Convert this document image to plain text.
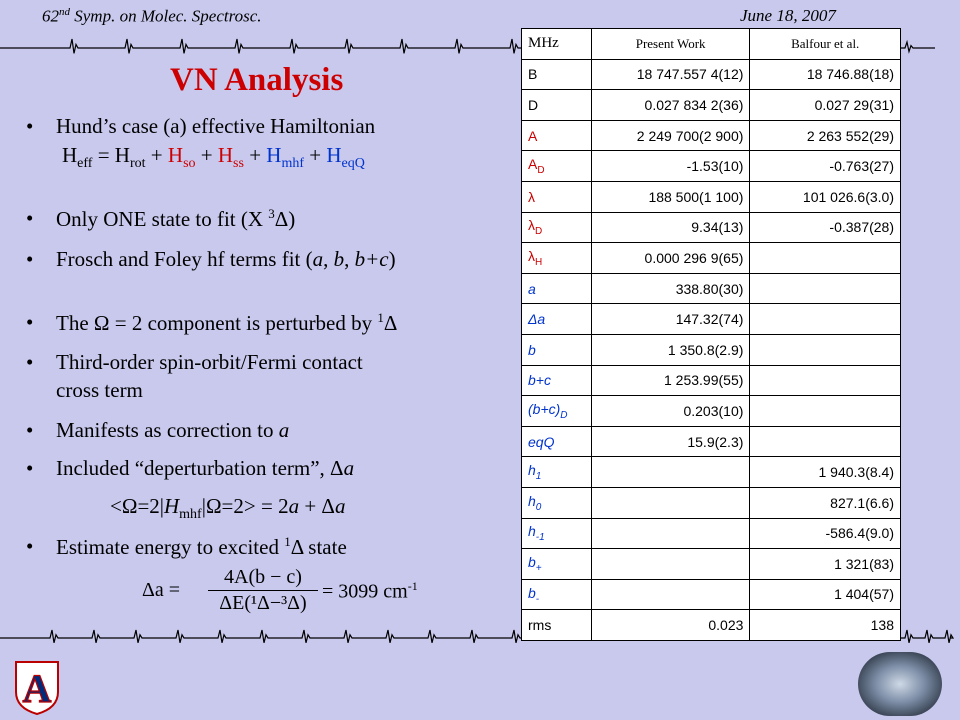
62nd Symp. on Molec. Spectrosc.	June 18, 2007
VN Analysis
• Hund’s case (a) effective Hamiltonian
$H_{eff} = H_{rot} + H_{so} + H_{ss} + H_{mhf} + H_{eqQ}$
• Only ONE state to fit (X $^3$Δ)
• Frosch and Foley hf terms fit (a, b, b+c)
• The Ω = 2 component is perturbed by $^1$Δ
• Third-order spin-orbit/Fermi contact
cross term
• Manifests as correction to a
• Included “deperturbation term”, Δa
$<\Omega=2|H_{mhf}|\Omega=2> = 2a + \Delta a$
• Estimate energy to excited $^1$Δ state
Δa =
4A(b − c)
ΔE(¹Δ−³Δ)
= 3099 $cm^{-1}$
MHz	Present Work	Balfour et al.
B	18 747.557 4(12)	18 746.88(18)
D	0.027 834 2(36)	0.027 29(31)
A	2 249 700(2 900)	2 263 552(29)
$A_D$	-1.53(10)	-0.763(27)
λ	188 500(1 100)	101 026.6(3.0)
$\lambda_D$	9.34(13)	-0.387(28)
$\lambda_H$	0.000 296 9(65)	
a	338.80(30)	
Δa	147.32(74)	
b	1 350.8(2.9)	
b+c	1 253.99(55)	
$(b+c)_D$	0.203(10)	
eqQ	15.9(2.3)	
$h_1$		1 940.3(8.4)
$h_0$		827.1(6.6)
$h_{-1}$		-586.4(9.0)
$b_+$		1 321(83)
$b_-$		1 404(57)
rms	0.023	138
A
